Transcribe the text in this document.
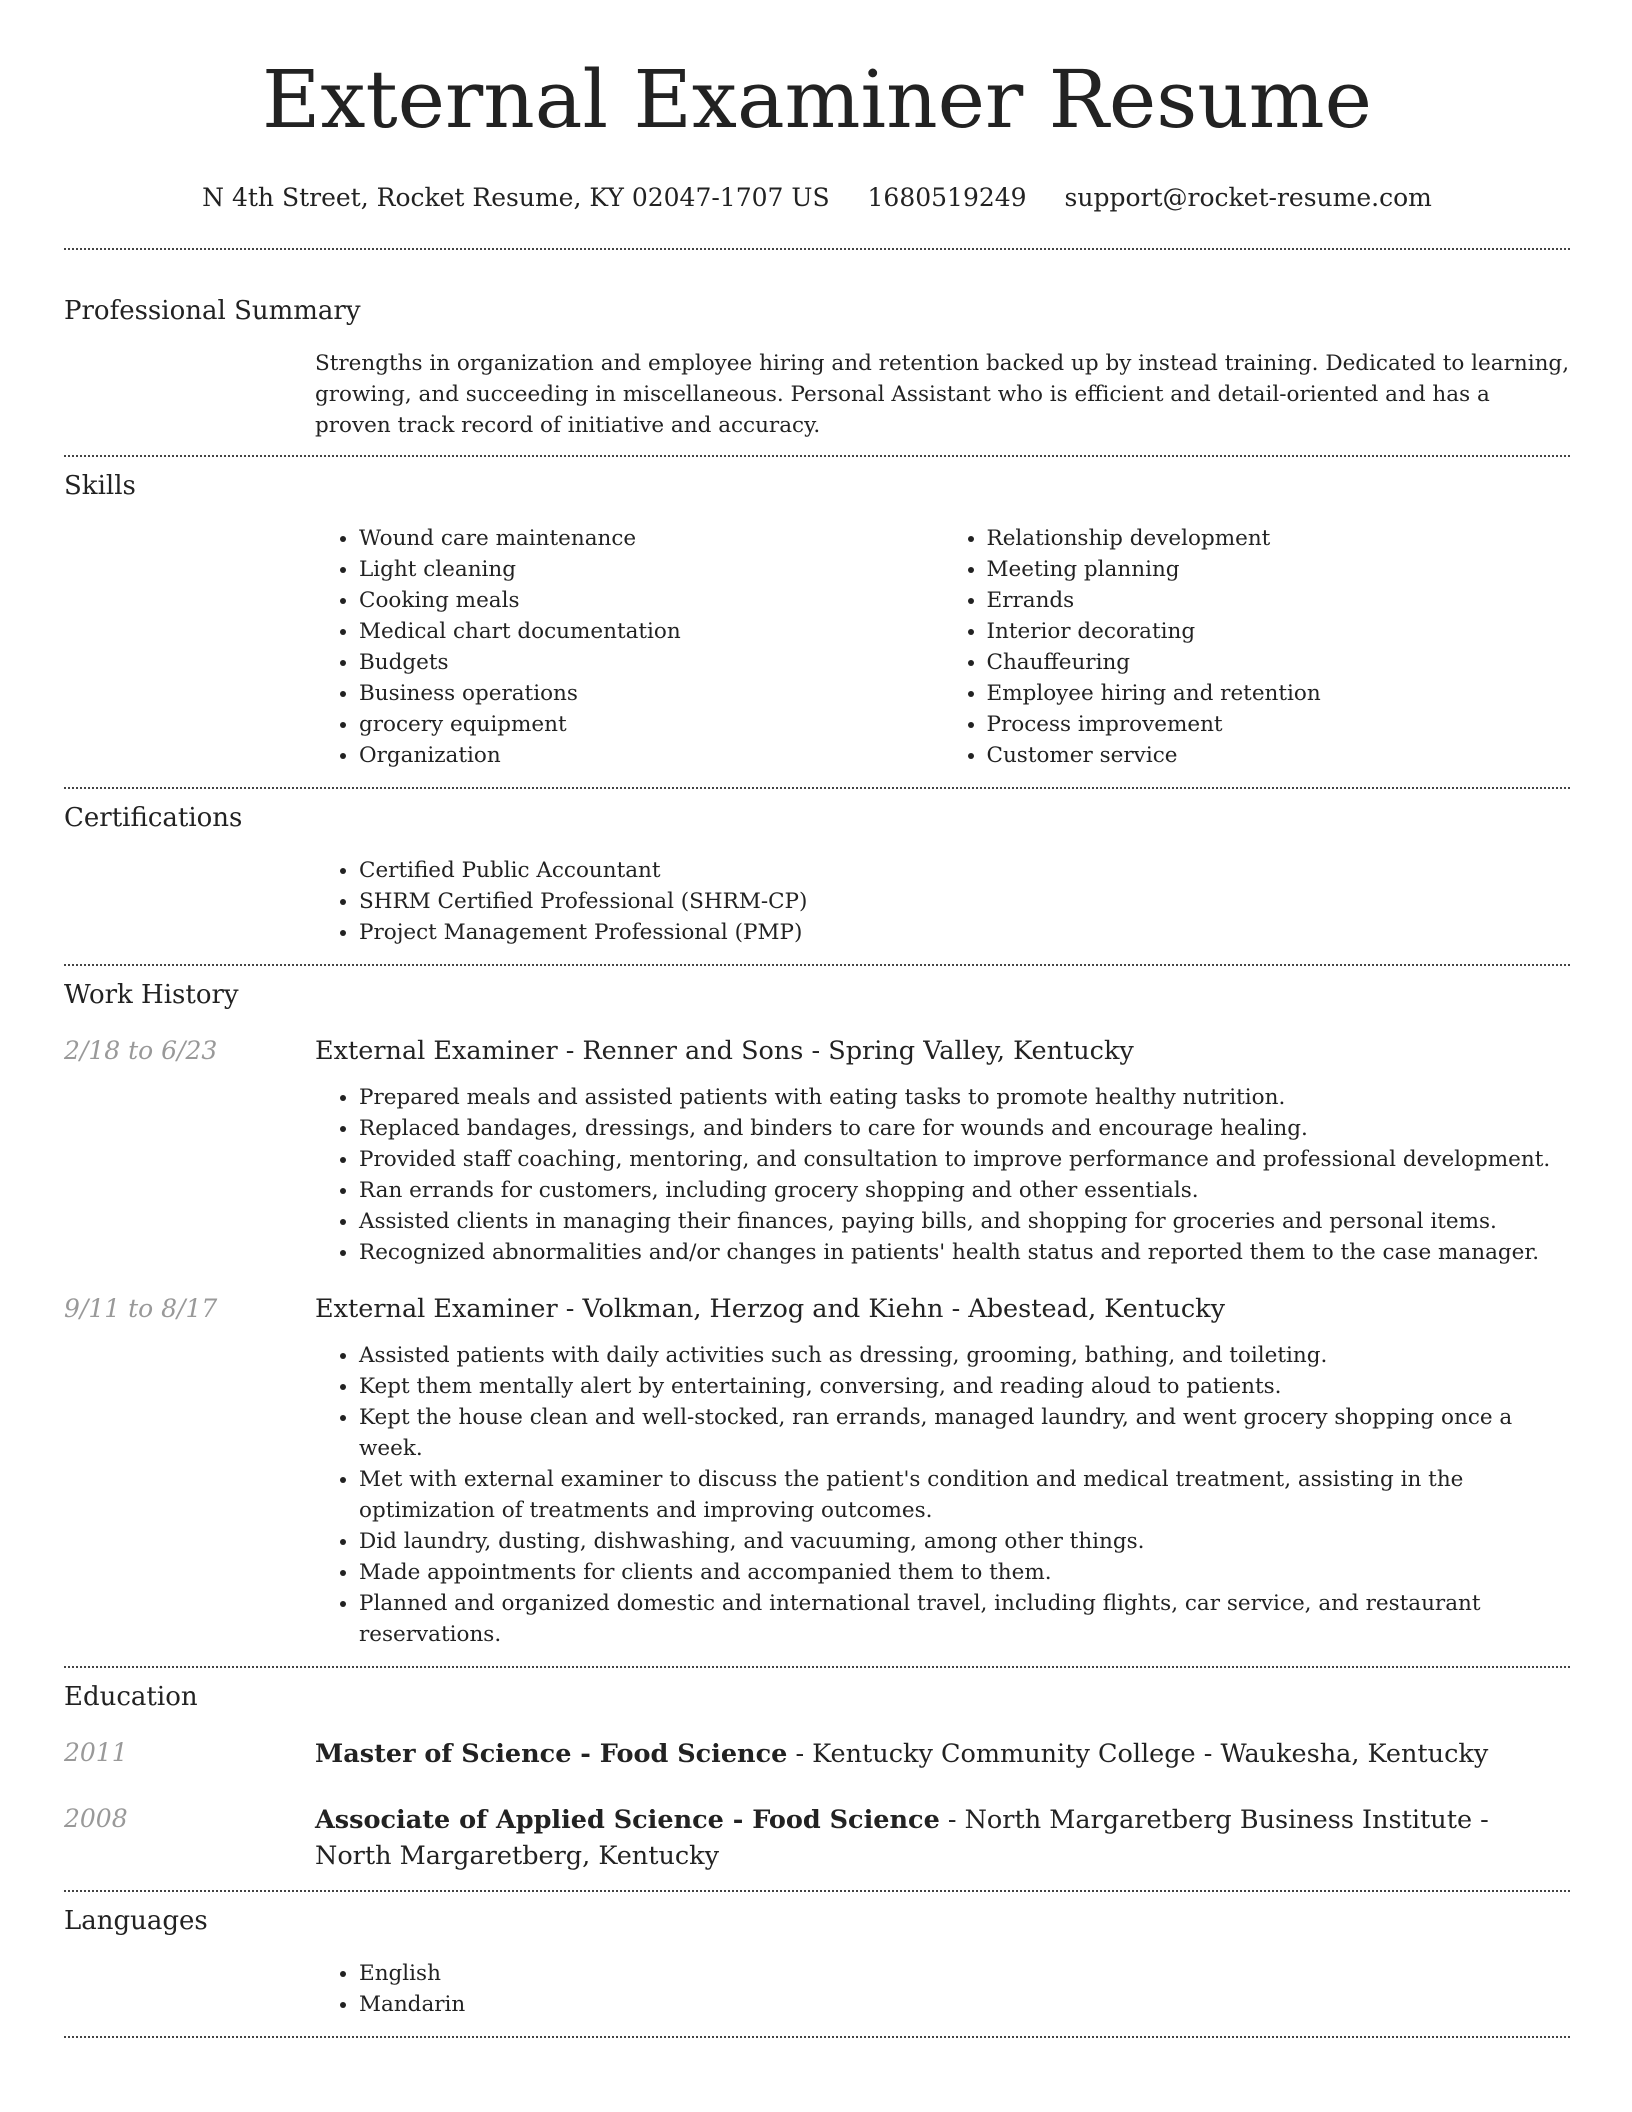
External Examiner Resume
N 4th Street, Rocket Resume, KY 02047-1707 US 1680519249 support@rocket-resume.com
Professional Summary
Strengths in organization and employee hiring and retention backed up by instead training. Dedicated to learning, growing, and succeeding in miscellaneous. Personal Assistant who is efficient and detail-oriented and has a proven track record of initiative and accuracy.
Skills
• Wound care maintenance
• Light cleaning
• Cooking meals
• Medical chart documentation
• Budgets
• Business operations
• grocery equipment
• Organization
• Relationship development
• Meeting planning
• Errands
• Interior decorating
• Chauffeuring
• Employee hiring and retention
• Process improvement
• Customer service
Certifications
• Certified Public Accountant
• SHRM Certified Professional (SHRM-CP)
• Project Management Professional (PMP)
Work History
2/18 to 6/23	External Examiner - Renner and Sons - Spring Valley, Kentucky
• Prepared meals and assisted patients with eating tasks to promote healthy nutrition.
• Replaced bandages, dressings, and binders to care for wounds and encourage healing.
• Provided staff coaching, mentoring, and consultation to improve performance and professional development.
• Ran errands for customers, including grocery shopping and other essentials.
• Assisted clients in managing their finances, paying bills, and shopping for groceries and personal items.
• Recognized abnormalities and/or changes in patients' health status and reported them to the case manager.
9/11 to 8/17	External Examiner - Volkman, Herzog and Kiehn - Abestead, Kentucky
• Assisted patients with daily activities such as dressing, grooming, bathing, and toileting.
• Kept them mentally alert by entertaining, conversing, and reading aloud to patients.
• Kept the house clean and well-stocked, ran errands, managed laundry, and went grocery shopping once a week.
• Met with external examiner to discuss the patient's condition and medical treatment, assisting in the optimization of treatments and improving outcomes.
• Did laundry, dusting, dishwashing, and vacuuming, among other things.
• Made appointments for clients and accompanied them to them.
• Planned and organized domestic and international travel, including flights, car service, and restaurant reservations.
Education
2011	Master of Science - Food Science - Kentucky Community College - Waukesha, Kentucky
2008	Associate of Applied Science - Food Science - North Margaretberg Business Institute - North Margaretberg, Kentucky
Languages
• English
• Mandarin
